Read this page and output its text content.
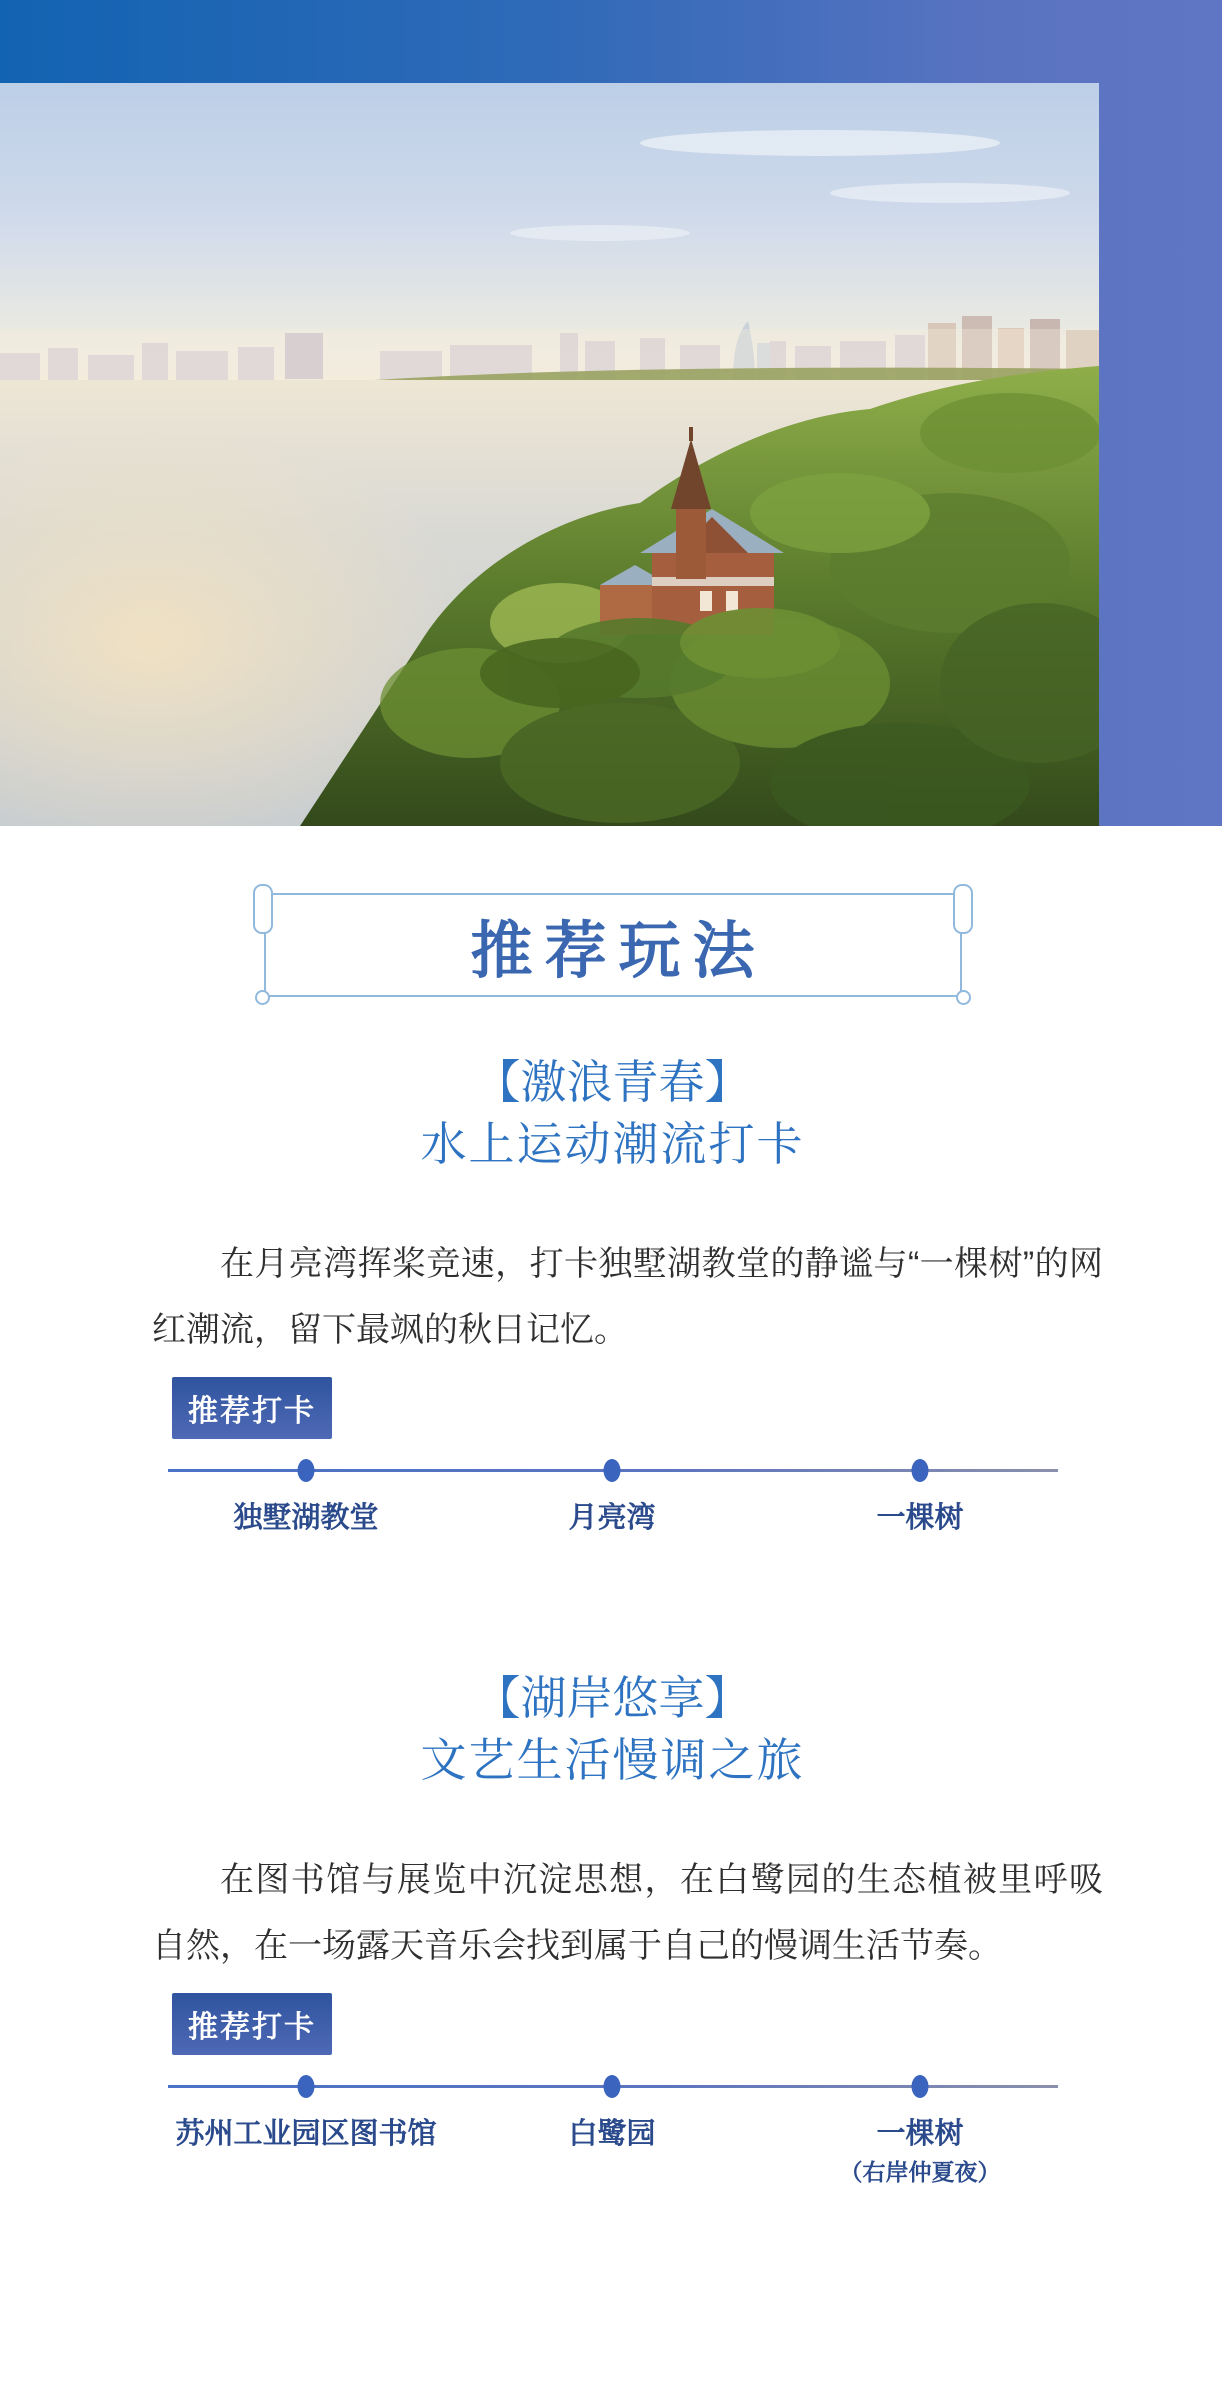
推荐玩法
【激浪青春】
水上运动潮流打卡

在月亮湾挥桨竞速，打卡独墅湖教堂的静谧与“一棵树”的网红潮流，留下最飒的秋日记忆。

推荐打卡
独墅湖教堂	月亮湾	一棵树
【湖岸悠享】
文艺生活慢调之旅

在图书馆与展览中沉淀思想，在白鹭园的生态植被里呼吸自然，在一场露天音乐会找到属于自己的慢调生活节奏。

推荐打卡
苏州工业园区图书馆	白鹭园	一棵树
（右岸仲夏夜）
